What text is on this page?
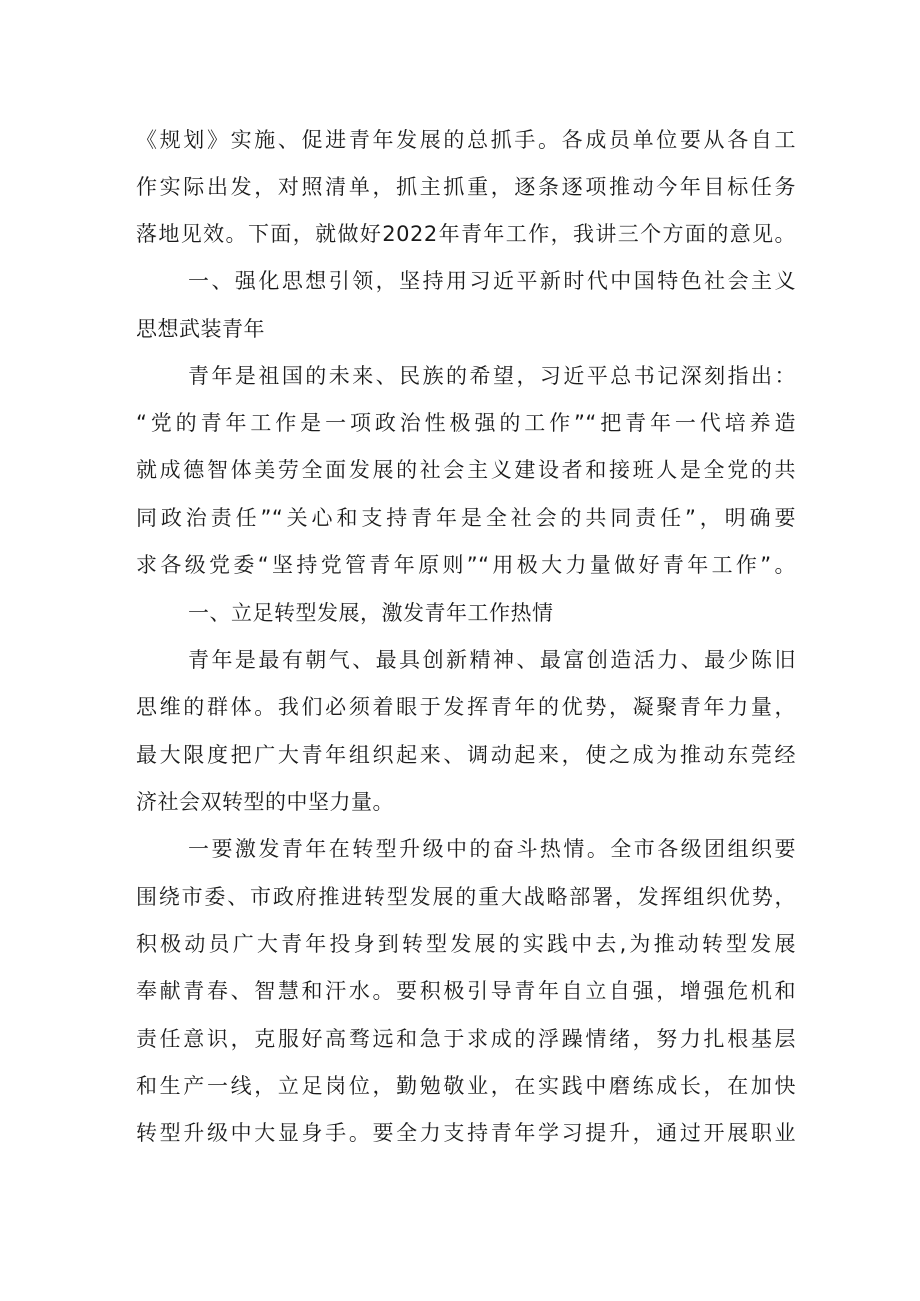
《规划》实施、促进青年发展的总抓手。各成员单位要从各自工

作实际出发，对照清单，抓主抓重，逐条逐项推动今年目标任务

落地见效。下面，就做好2022年青年工作，我讲三个方面的意见。

一、强化思想引领，坚持用习近平新时代中国特色社会主义

思想武装青年

青年是祖国的未来、民族的希望，习近平总书记深刻指出：

“党的青年工作是一项政治性极强的工作”“把青年一代培养造

就成德智体美劳全面发展的社会主义建设者和接班人是全党的共

同政治责任”“关心和支持青年是全社会的共同责任”，明确要

求各级党委“坚持党管青年原则”“用极大力量做好青年工作”。

一、立足转型发展，激发青年工作热情

青年是最有朝气、最具创新精神、最富创造活力、最少陈旧

思维的群体。我们必须着眼于发挥青年的优势，凝聚青年力量，

最大限度把广大青年组织起来、调动起来，使之成为推动东莞经

济社会双转型的中坚力量。

一要激发青年在转型升级中的奋斗热情。全市各级团组织要

围绕市委、市政府推进转型发展的重大战略部署，发挥组织优势，

积极动员广大青年投身到转型发展的实践中去,为推动转型发展

奉献青春、智慧和汗水。要积极引导青年自立自强，增强危机和

责任意识，克服好高骛远和急于求成的浮躁情绪，努力扎根基层

和生产一线，立足岗位，勤勉敬业，在实践中磨练成长，在加快

转型升级中大显身手。要全力支持青年学习提升，通过开展职业
